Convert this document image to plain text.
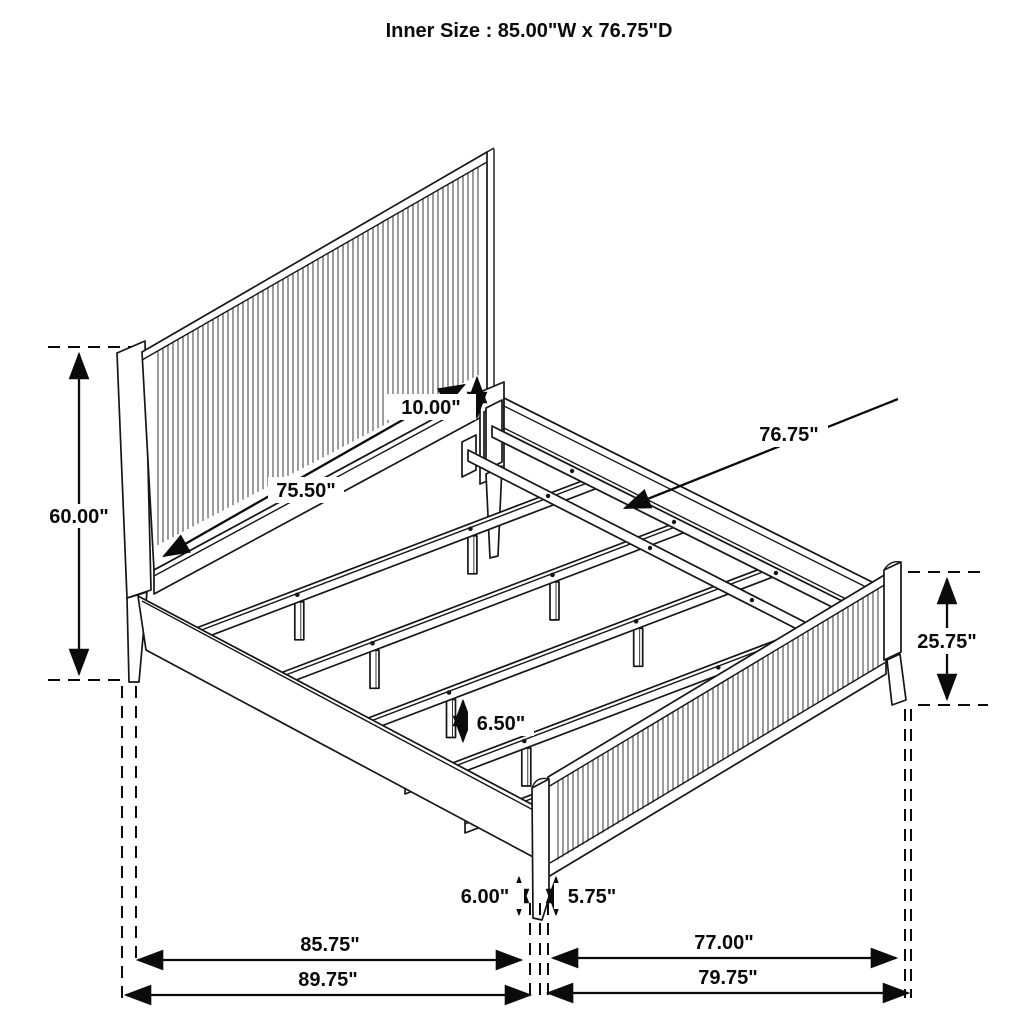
60.00"
75.50"
10.00"
76.75"
25.75"
6.50"
6.00"	5.75"
85.75"
89.75"
77.00"
79.75"
Inner Size : 85.00"W x 76.75"D
